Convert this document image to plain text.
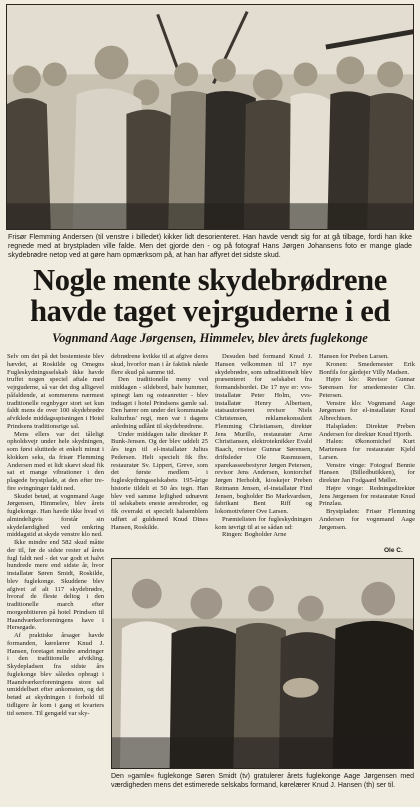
Frisør Flemming Andersen (til venstre i billedet) kikker lidt desorienteret. Han havde vendt sig for at gå tilbage, fordi han ikke regnede med at brystpladen ville falde. Men det gjorde den - og på fotograf Hans Jørgen Johansens foto er mange glade skydebrødre netop ved at gøre ham opmærksom på, at han har affyret det sidste skud.
Nogle mente skydebrødrene
havde taget vejrguderne i ed
Vognmand Aage Jørgensen, Himmelev, blev årets fuglekonge

Selv om det på det bestemtestе blev hævdet, at Roskilde og Omegns Fugleskydningsselskab ikke havde truffet nogen speciel aftale med vejrguderne, så var det dog alligevel påfaldende, at sommerens nærmest traditionelle regnbyger stort set kun faldt mens de over 100 skydebrødre afviklede middagsspisningen i Hotel Prindsens traditionsrige sal.

Mens ellers var det tåleligt opholdsvejr under hele skydningen, som først slutttede et enkelt minut i klokken seks, da frisør Flemming Andersen med et lidt skævt skud fik sat et mange vibrationer i den plagede brystplade, at den efter tre-fire svingninger faldt ned.

Skudet betød, at vognmand Aage Jørgensen, Himmelev, blev årets fuglekonge. Han havde ikke hvad vi almindeligvis forstår sin skydefærdighed ved omkring middagstid at skyde venstre klo ned.

Ikke mindre end 582 skud måtte der til, før de sidste rester af årets fugl faldt ned - det var godt et halvt hundrede mere end sidste år, hvor installatør Søren Smidt, Roskilde, blev fuglekonge. Skuddene blev afgivet af alt 117 skydebrødre, hvoraf de fleste deltog i den traditionelle march efter morgenbitteren på hotel Prindsen til Haandværkerforeningens have i Hersegade.

Af praktiske årsager havde formanden, kørelærer Knud J. Hansen, foretaget mindre ændringer i den traditionelle afvikling. Skydepladsen fra sidste års fuglekonge blev således opbragt i Haandværkerforeningens store sal umiddelbart efter ankomsten, og det betød at skydningen i forhold til tidligere år kom i gang et kvarters tid senere. Til gengæld var sky-

debrødrene kvikke til at afgive deres skud, hvorfor man i år faktisk nåede flere skud på samme tid.

Den traditionelle meny ved middagen - sildebord, halv hummer, spinegt lam og osteanretter - blev indtaget i hotel Prindsens gamle sal. Den hærer om under det kommunale kulturhus' regi, men var i dagens anledning udlånt til skydebrødrene.

Under middagen talte direktør P. Bunk-Jensen. Og der blev uddelt 25 års tegn til el-installatør Julius Pedersen. Helt specielt fik fhv. restauratør Sv. Lippert, Greve, som det første medlem i fugleskydningsselskabets 195-årige historie tildelt et 50 års tegn. Han blev ved samme lejlighed udnævnt til selskabets eneste æresbroder, og fik overrakt et specielt halsemblem udført af guldsmed Knud Dines Hansen, Roskilde.

Desuden bød formand Knud J. Hansen velkommen til 17 nye skydebrødre, som udtraditionelt blev præsenteret for selskabet fra formandsbordet. De 17 nye er: vvs-installatør Peter Holm, vvs-installatør Henry Albertsen, statsautoriseret revisor Niels Christensen, reklamekonsulent Flemming Christiansen, direktør Jens Murillo, restauratør Arne Christiansen, elektroteknikker Evald Baach, revisor Gunnar Sørensen, driftsleder Ole Rasmussen, sparekasseebestyrer Jørgen Petersen, revisor Jens Andersen, kontorchef Jørgen Herholdt, kioskejer Preben Reimann Jensen, el-installatør Find Jensen, bogholder Bo Markvardsen, fabrikant Bent Riff og lokomotivfører Ove Larsen.

Præmielisten for fugleskydningen kom iøvrigt til at se sådan ud:

Ringen: Bogholder Arne

Hansen for Preben Larsen.

Kronen: Smedemester Erik Bonfils for gårdejer Villy Madsen.

Højre klo: Revisor Gunnar Sørensen for smedemester Chr. Petersen.

Venstre klo: Vognmand Aage Jørgensen for el-installatør Knud Albrechtsen.

Halspladen: Direktør Preben Andersen for direktør Knud Hjorth.

Halen: Økonomichef Kurt Martensen for restauratør Kjeld Larsen.

Venstre vinge: Fotograf Bennie Hansen (Billedbutikken), for direktør Jan Fodgaard Møller.

Højre vinge: Redningsdirektør Jens Jørgensen for restauratør Knud Prinzlau.

Brystpladen: Frisør Flemming Andersen for vognmand Aage Jørgensen.

Ole C.
Den »gamle« fuglekonge Søren Smidt (tv) gratulerer årets fuglekonge Aage Jørgensen med værdigheden mens det estimerede selskabs formand, kørelærer Knud J. Hansen (th) ser til.
